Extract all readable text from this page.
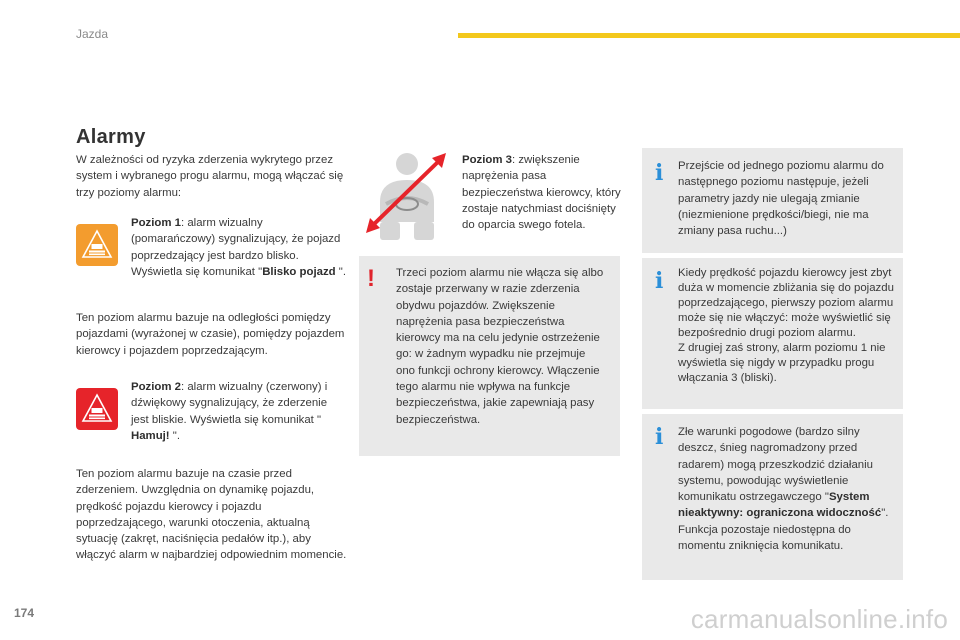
Jazda
Alarmy

W zależności od ryzyka zderzenia wykrytego przez system i wybranego progu alarmu, mogą włączać się trzy poziomy alarmu:

Poziom 1: alarm wizualny (pomarańczowy) sygnalizujący, że pojazd poprzedzający jest bardzo blisko. Wyświetla się komunikat "Blisko pojazd ".

Ten poziom alarmu bazuje na odległości pomiędzy pojazdami (wyrażonej w czasie), pomiędzy pojazdem kierowcy i pojazdem poprzedzającym.

Poziom 2: alarm wizualny (czerwony) i dźwiękowy sygnalizujący, że zderzenie jest bliskie. Wyświetla się komunikat " Hamuj! ".

Ten poziom alarmu bazuje na czasie przed zderzeniem. Uwzględnia on dynamikę pojazdu, prędkość pojazdu kierowcy i pojazdu poprzedzającego, warunki otoczenia, aktualną sytuację (zakręt, naciśnięcia pedałów itp.), aby włączyć alarm w najbardziej odpowiednim momencie.

Poziom 3: zwiększenie naprężenia pasa bezpieczeństwa kierowcy, który zostaje natychmiast dociśnięty do oparcia swego fotela.

! Trzeci poziom alarmu nie włącza się albo zostaje przerwany w razie zderzenia obydwu pojazdów. Zwiększenie naprężenia pasa bezpieczeństwa kierowcy ma na celu jedynie ostrzeżenie go: w żadnym wypadku nie przejmuje ono funkcji ochrony kierowcy. Włączenie tego alarmu nie wpływa na funkcje bezpieczeństwa, jakie zapewniają pasy bezpieczeństwa.

i Przejście od jednego poziomu alarmu do następnego poziomu następuje, jeżeli parametry jazdy nie ulegają zmianie (niezmienione prędkości/biegi, nie ma zmiany pasa ruchu...)

i Kiedy prędkość pojazdu kierowcy jest zbyt duża w momencie zbliżania się do pojazdu poprzedzającego, pierwszy poziom alarmu może się nie włączyć: może wyświetlić się bezpośrednio drugi poziom alarmu.
Z drugiej zaś strony, alarm poziomu 1 nie wyświetla się nigdy w przypadku progu włączania 3 (bliski).
i Złe warunki pogodowe (bardzo silny deszcz, śnieg nagromadzony przed radarem) mogą przeszkodzić działaniu systemu, powodując wyświetlenie komunikatu ostrzegawczego "System nieaktywny: ograniczona widoczność". Funkcja pozostaje niedostępna do momentu zniknięcia komunikatu.

174	carmanualsonline.info
